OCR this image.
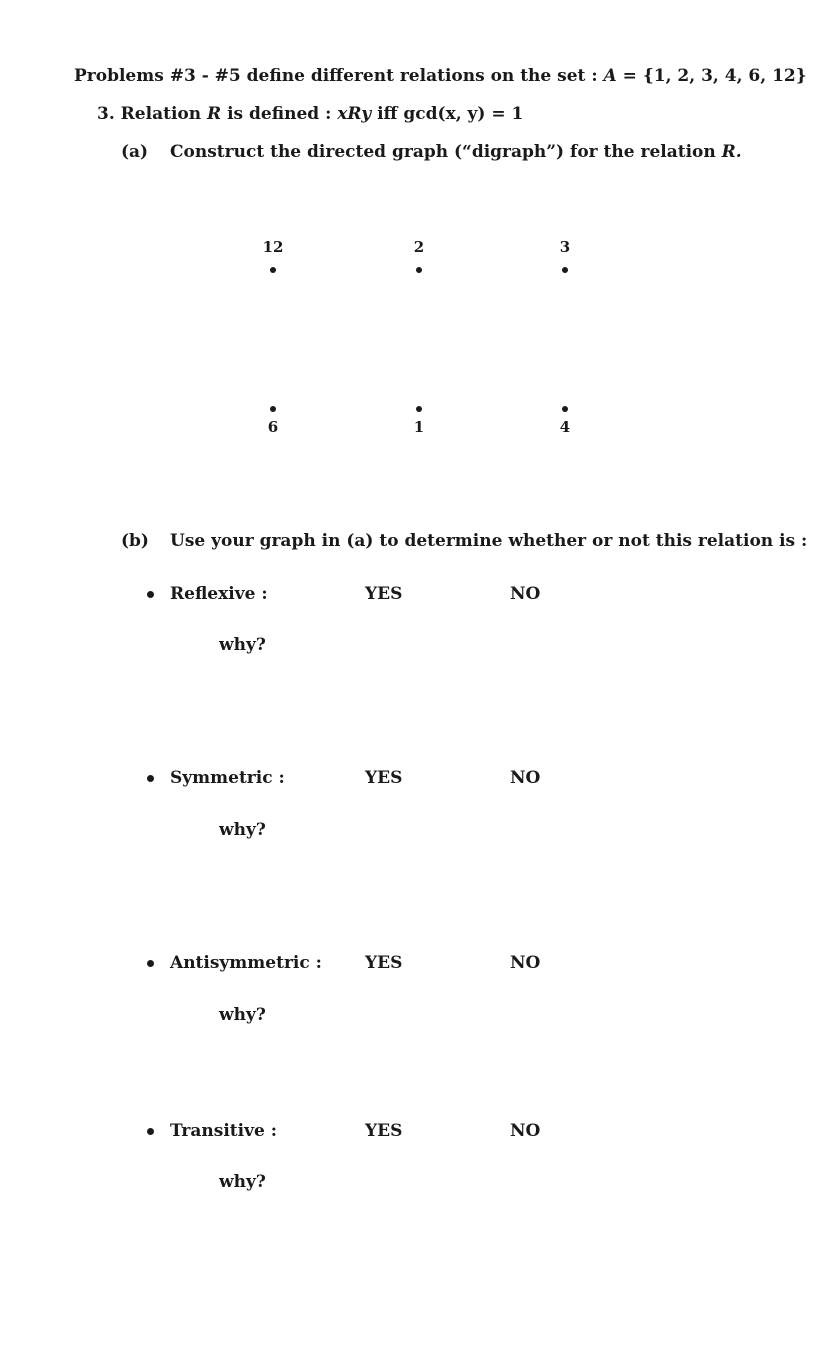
Problems #3 - #5 define different relations on the set : A = {1, 2, 3, 4, 6, 12}
3. Relation R is defined : xRy iff gcd(x, y) = 1
(a) Construct the directed graph (“digraph”) for the relation R.
12	2	3
6	1	4
(b) Use your graph in (a) to determine whether or not this relation is :
Reflexive :	YES	NO
why?
Symmetric :	YES	NO
why?
Antisymmetric :	YES	NO
why?
Transitive :	YES	NO
why?
